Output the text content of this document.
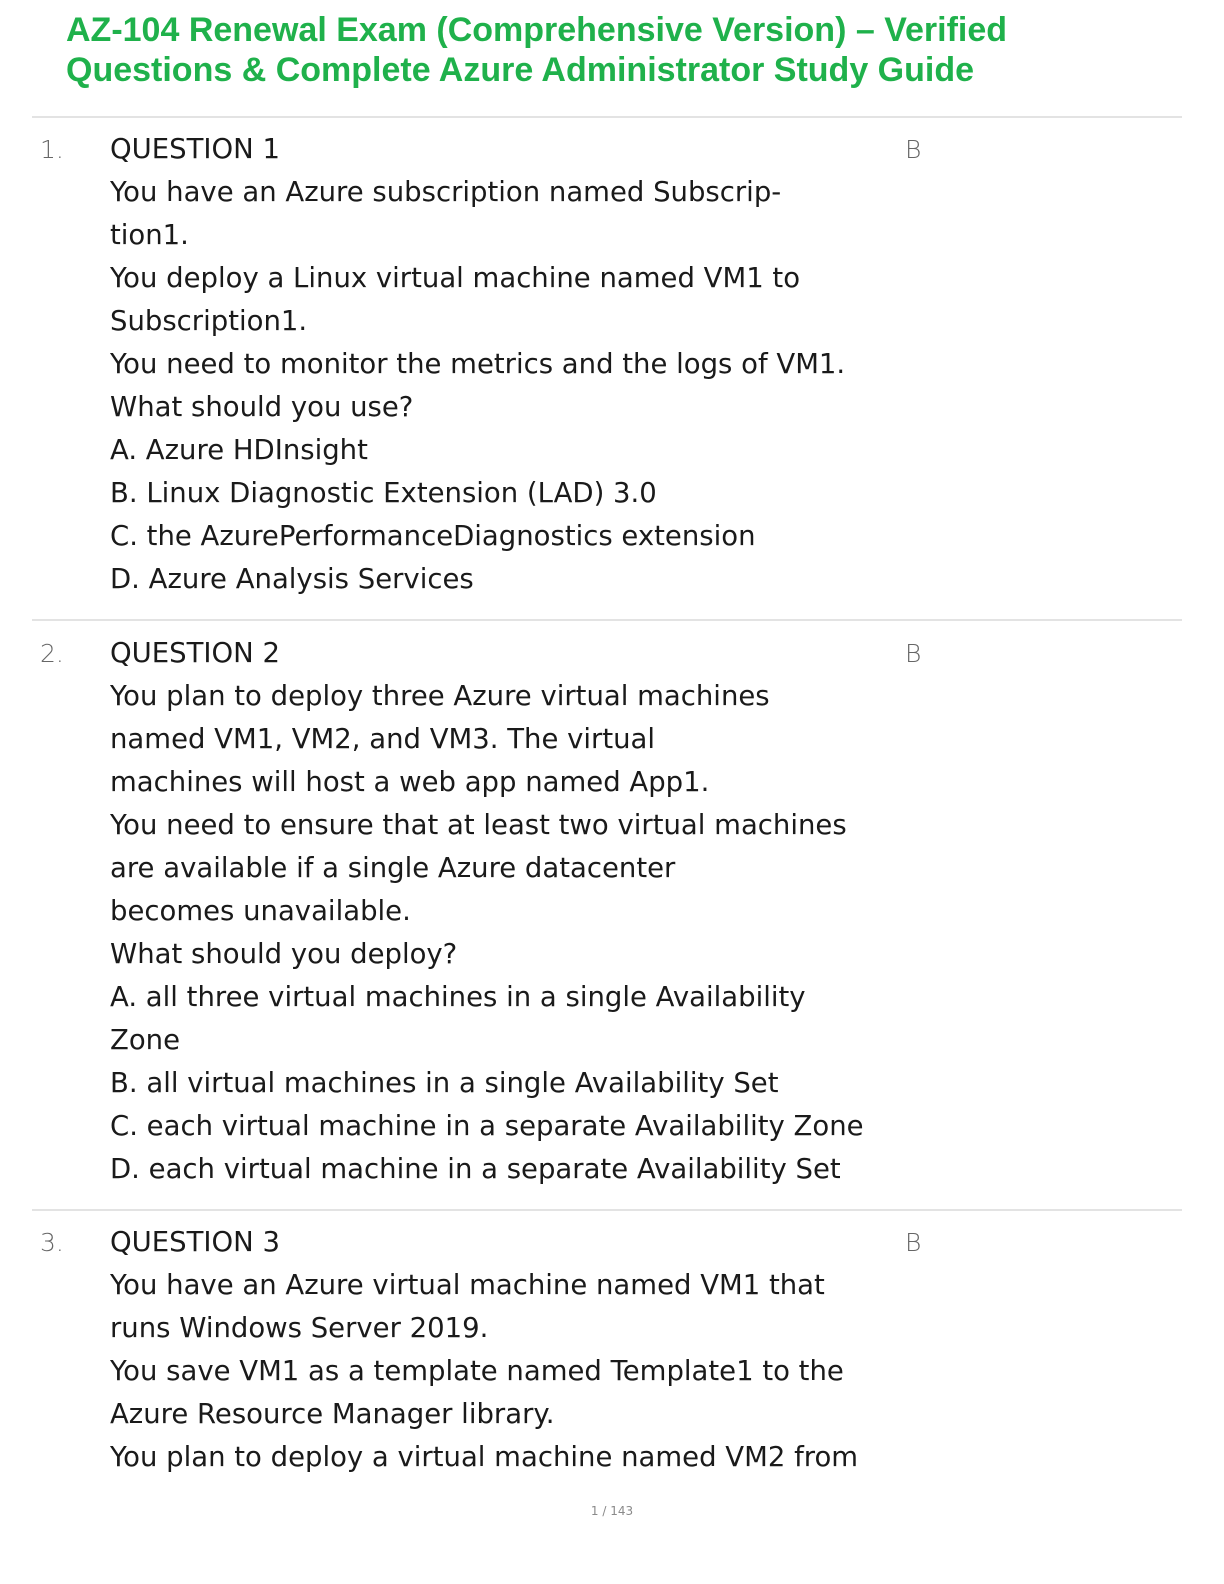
AZ-104 Renewal Exam (Comprehensive Version) – Verified
Questions & Complete Azure Administrator Study Guide
1.	B
QUESTION 1
You have an Azure subscription named Subscrip-
tion1.
You deploy a Linux virtual machine named VM1 to
Subscription1.
You need to monitor the metrics and the logs of VM1.
What should you use?
A. Azure HDInsight
B. Linux Diagnostic Extension (LAD) 3.0
C. the AzurePerformanceDiagnostics extension
D. Azure Analysis Services
2.	B
QUESTION 2
You plan to deploy three Azure virtual machines
named VM1, VM2, and VM3. The virtual
machines will host a web app named App1.
You need to ensure that at least two virtual machines
are available if a single Azure datacenter
becomes unavailable.
What should you deploy?
A. all three virtual machines in a single Availability
Zone
B. all virtual machines in a single Availability Set
C. each virtual machine in a separate Availability Zone
D. each virtual machine in a separate Availability Set
3.	B
QUESTION 3
You have an Azure virtual machine named VM1 that
runs Windows Server 2019.
You save VM1 as a template named Template1 to the
Azure Resource Manager library.
You plan to deploy a virtual machine named VM2 from
1 / 143
